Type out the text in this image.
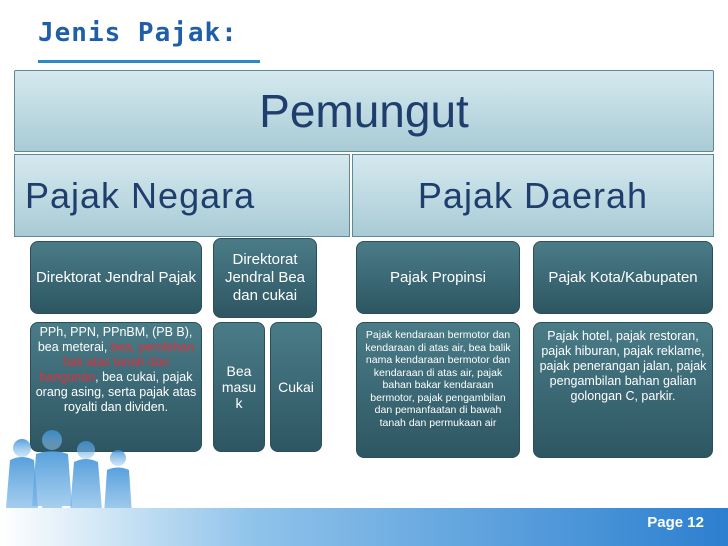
Jenis Pajak:
Pemungut
Pajak Negara	Pajak Daerah
Direktorat Jendral Pajak
Direktorat Jendral Bea dan cukai
Pajak Propinsi	Pajak Kota/Kabupaten
PPh, PPN, PPnBM, (PB B), bea meterai, bea, perolehan hak atas tanah dan bangunan, bea cukai, pajak orang asing, serta pajak atas royalti dan dividen.
Bea masu k
Cukai
Pajak kendaraan bermotor dan kendaraan di atas air, bea balik nama kendaraan bermotor dan kendaraan di atas air, pajak bahan bakar kendaraan bermotor, pajak pengambilan dan pemanfaatan di bawah tanah dan permukaan air
Pajak hotel, pajak restoran, pajak hiburan, pajak reklame, pajak penerangan jalan, pajak pengambilan bahan galian golongan C, parkir.
Page 12
